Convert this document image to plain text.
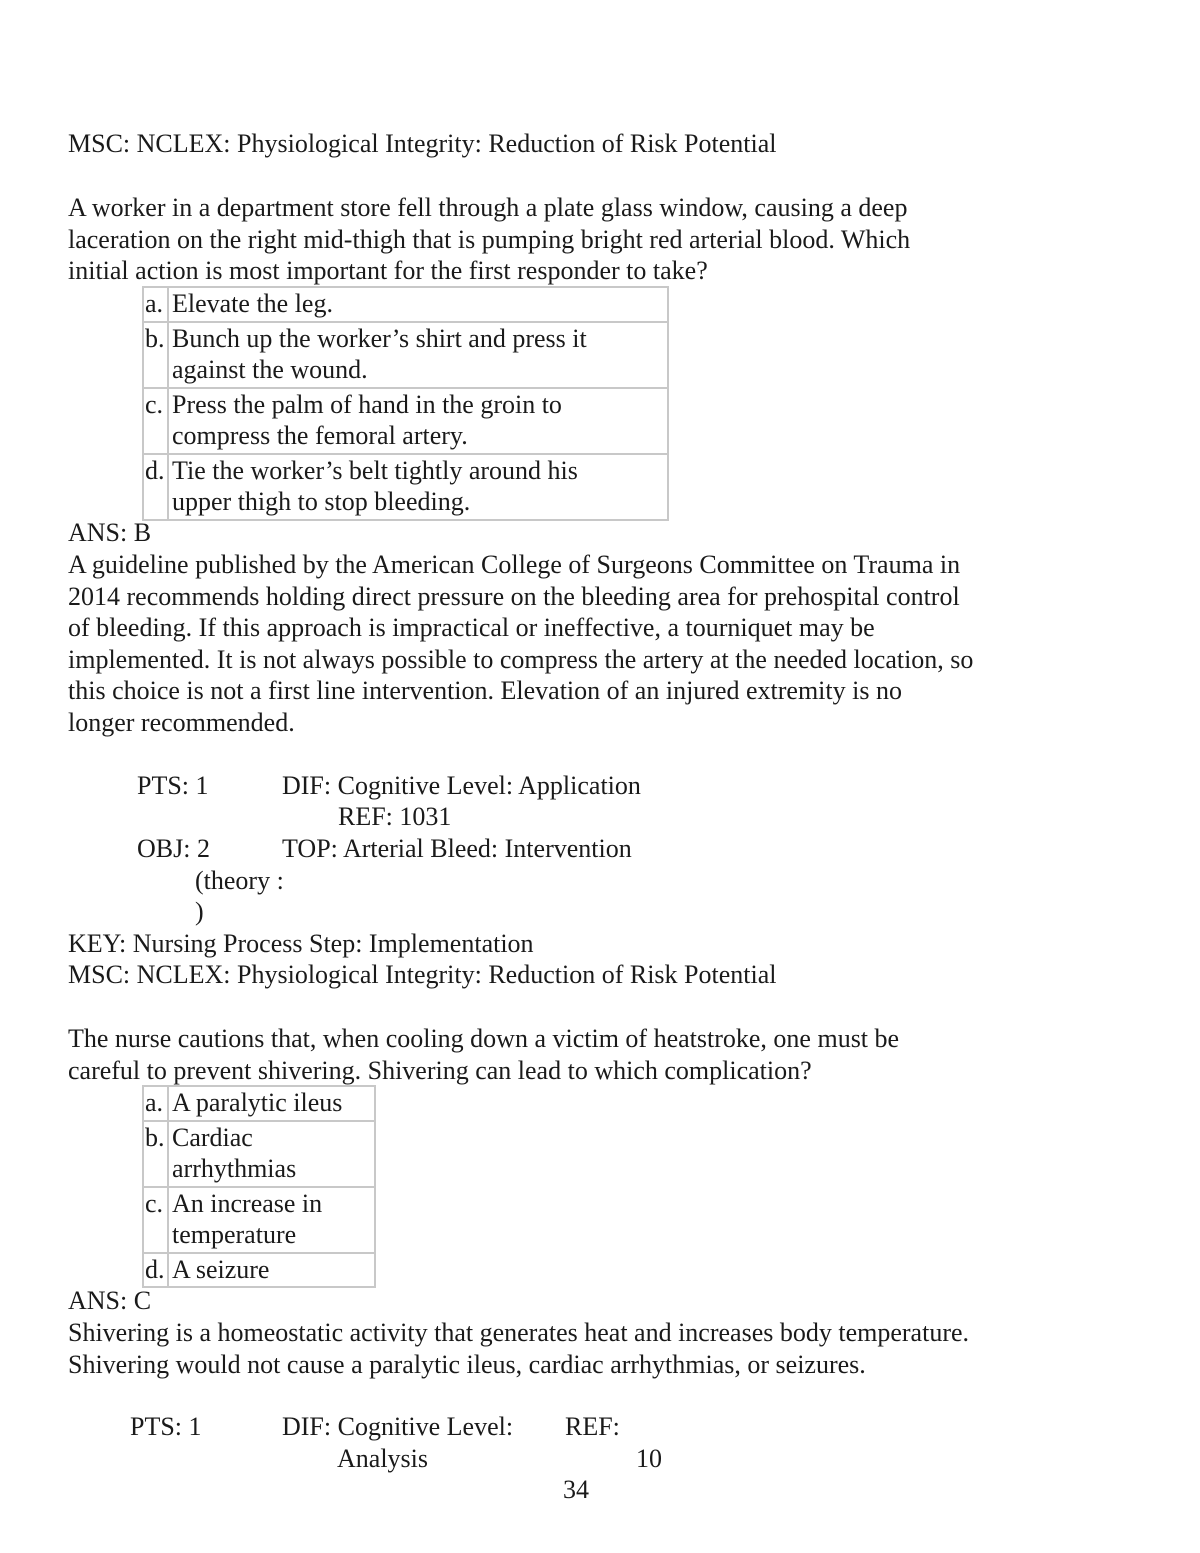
MSC: NCLEX: Physiological Integrity: Reduction of Risk Potential

A worker in a department store fell through a plate glass window, causing a deep

laceration on the right mid-thigh that is pumping bright red arterial blood. Which

initial action is most important for the first responder to take?

a.	Elevate the leg.

b.	Bunch up the worker’s shirt and press it
against the wound.

c.	Press the palm of hand in the groin to
compress the femoral artery.

d.	Tie the worker’s belt tightly around his
upper thigh to stop bleeding.
ANS: B

A guideline published by the American College of Surgeons Committee on Trauma in

2014 recommends holding direct pressure on the bleeding area for prehospital control

of bleeding. If this approach is impractical or ineffective, a tourniquet may be

implemented. It is not always possible to compress the artery at the needed location, so

this choice is not a first line intervention. Elevation of an injured extremity is no

longer recommended.

PTS: 1	DIF: Cognitive Level: Application
REF: 1031
OBJ: 2	TOP: Arterial Bleed: Intervention
(theory :
)
KEY: Nursing Process Step: Implementation
MSC: NCLEX: Physiological Integrity: Reduction of Risk Potential

The nurse cautions that, when cooling down a victim of heatstroke, one must be

careful to prevent shivering. Shivering can lead to which complication?

a.	A paralytic ileus

b.	Cardiac
arrhythmias

c.	An increase in
temperature

d.	A seizure
ANS: C

Shivering is a homeostatic activity that generates heat and increases body temperature.

Shivering would not cause a paralytic ileus, cardiac arrhythmias, or seizures.

PTS: 1	DIF: Cognitive Level:
Analysis
REF:
10
34
